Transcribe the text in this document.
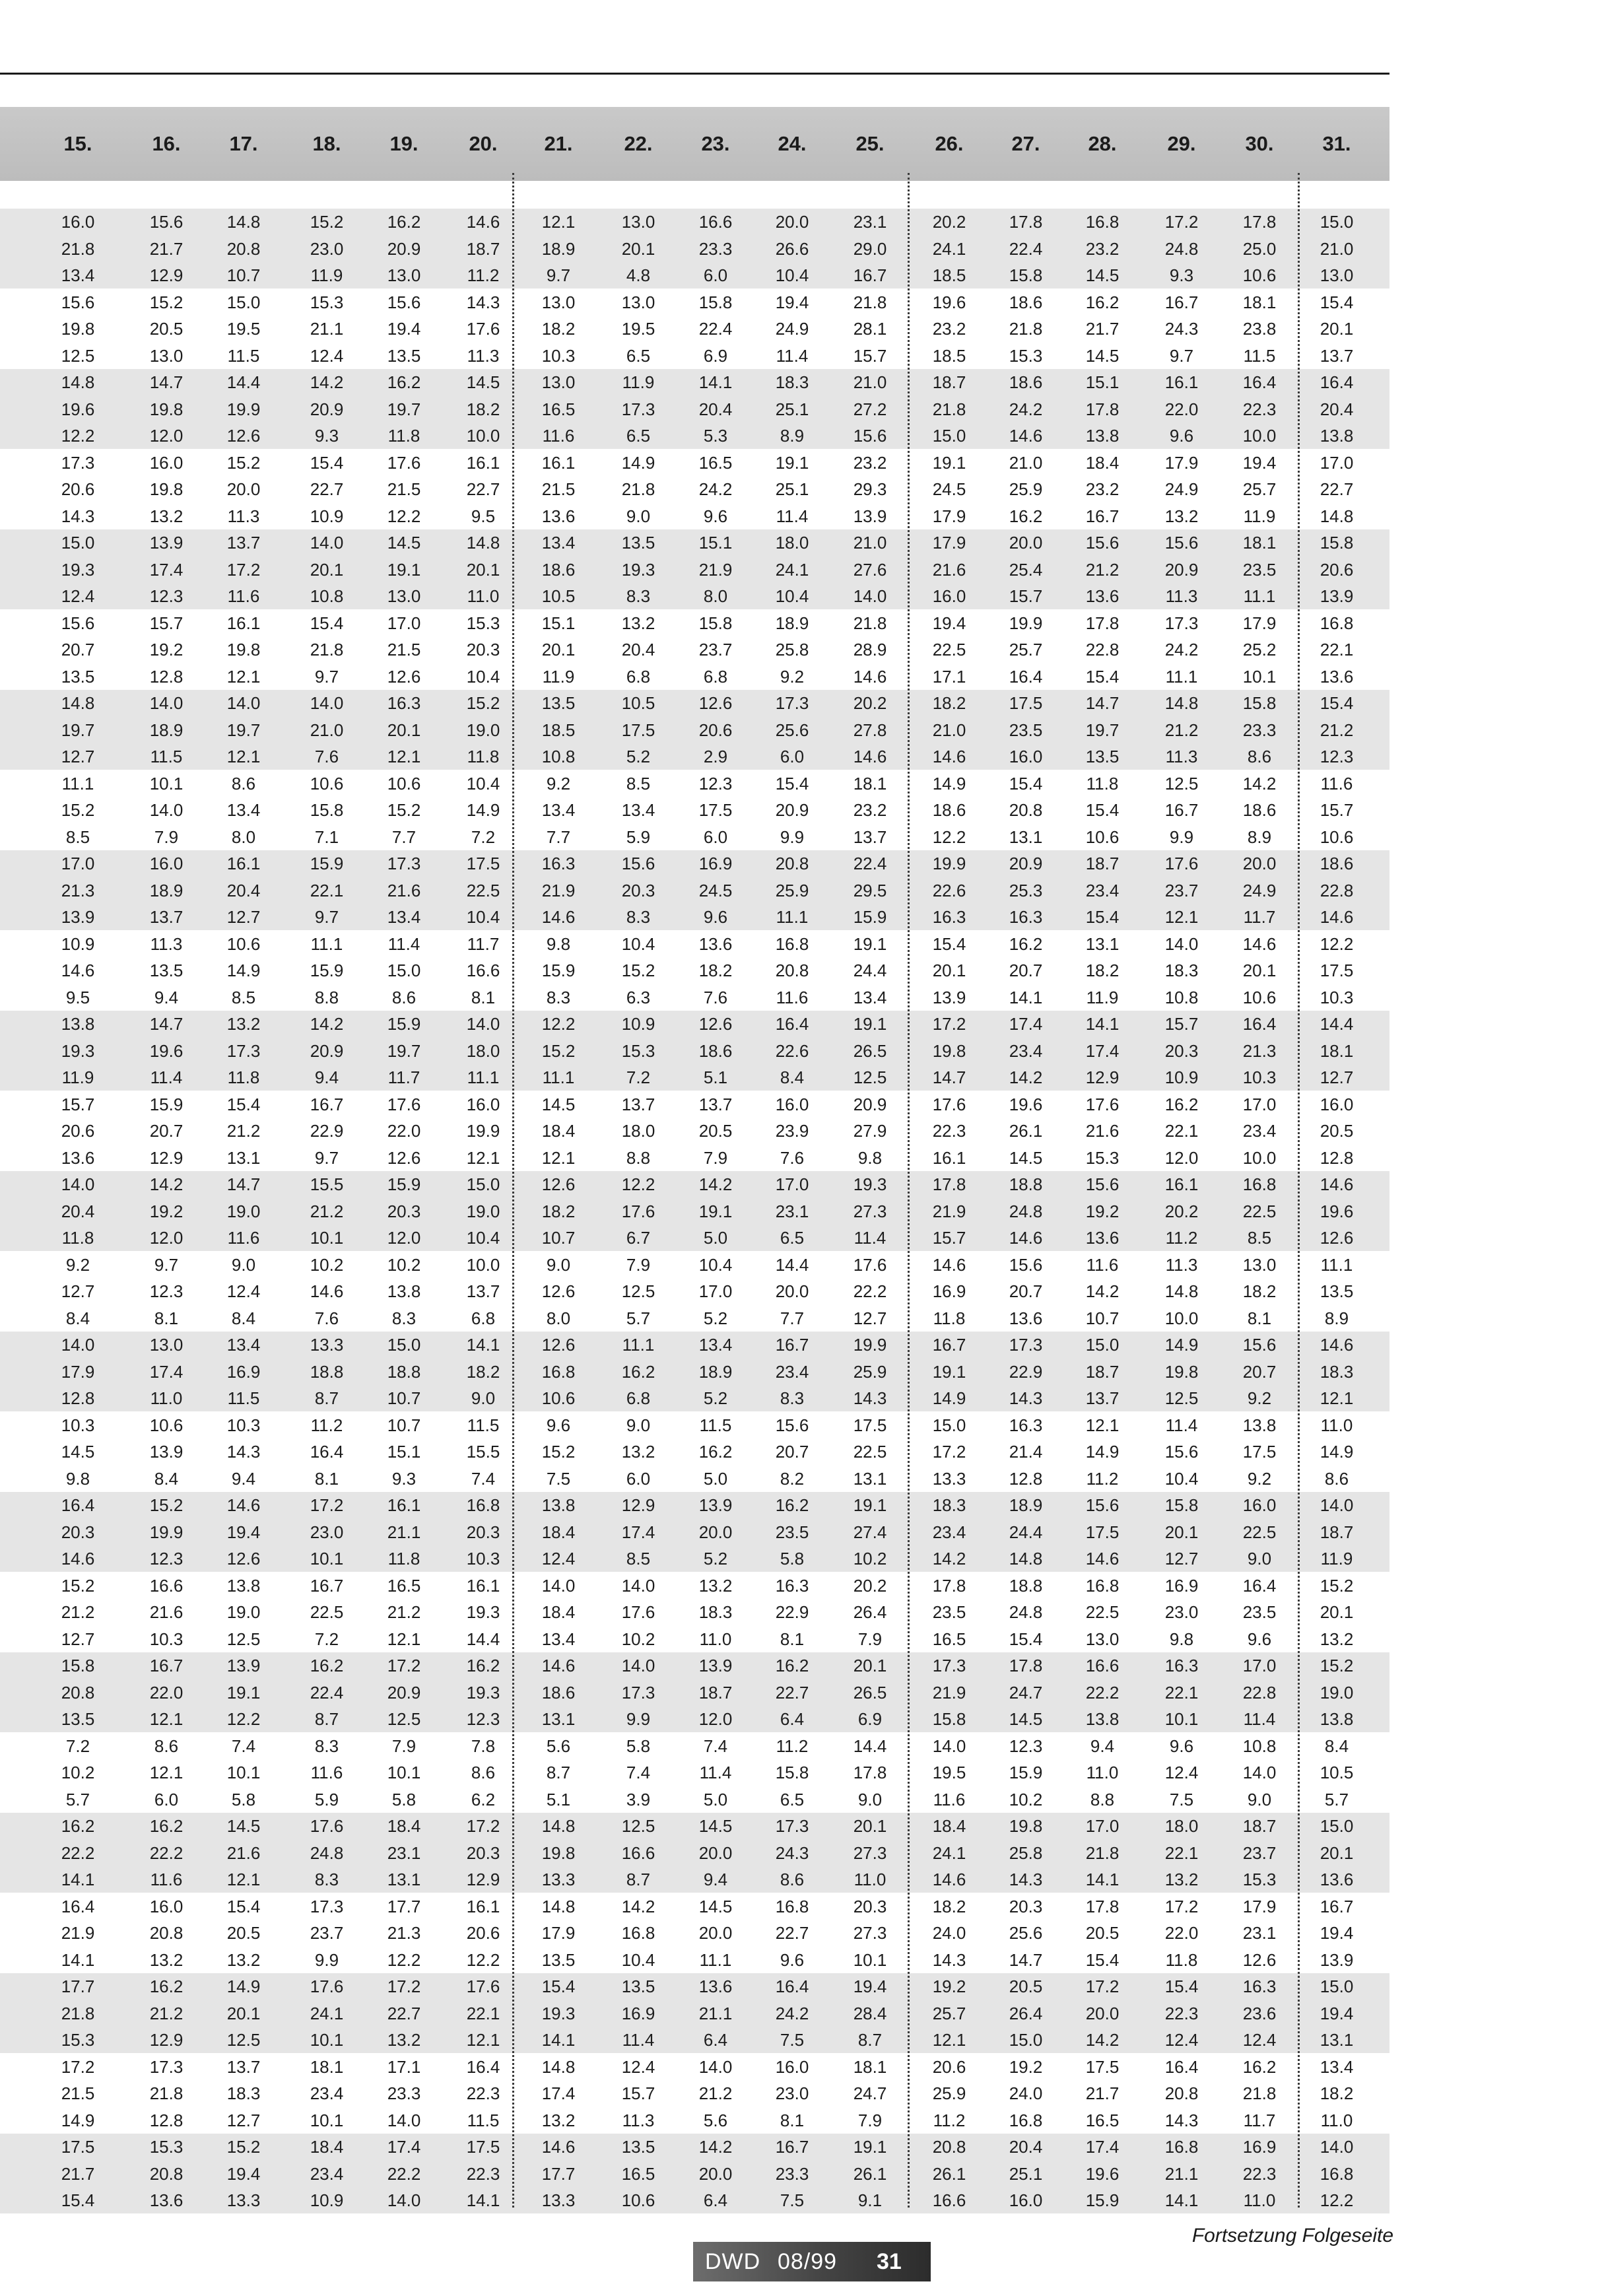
15.	16.	17.	18.	19.	20.	21.	22.	23.	24.	25.	26.	27.	28.	29.	30.	31.
16.0	15.6	14.8	15.2	16.2	14.6	12.1	13.0	16.6	20.0	23.1	20.2	17.8	16.8	17.2	17.8	15.0
21.8	21.7	20.8	23.0	20.9	18.7	18.9	20.1	23.3	26.6	29.0	24.1	22.4	23.2	24.8	25.0	21.0
13.4	12.9	10.7	11.9	13.0	11.2	9.7	4.8	6.0	10.4	16.7	18.5	15.8	14.5	9.3	10.6	13.0
15.6	15.2	15.0	15.3	15.6	14.3	13.0	13.0	15.8	19.4	21.8	19.6	18.6	16.2	16.7	18.1	15.4
19.8	20.5	19.5	21.1	19.4	17.6	18.2	19.5	22.4	24.9	28.1	23.2	21.8	21.7	24.3	23.8	20.1
12.5	13.0	11.5	12.4	13.5	11.3	10.3	6.5	6.9	11.4	15.7	18.5	15.3	14.5	9.7	11.5	13.7
14.8	14.7	14.4	14.2	16.2	14.5	13.0	11.9	14.1	18.3	21.0	18.7	18.6	15.1	16.1	16.4	16.4
19.6	19.8	19.9	20.9	19.7	18.2	16.5	17.3	20.4	25.1	27.2	21.8	24.2	17.8	22.0	22.3	20.4
12.2	12.0	12.6	9.3	11.8	10.0	11.6	6.5	5.3	8.9	15.6	15.0	14.6	13.8	9.6	10.0	13.8
17.3	16.0	15.2	15.4	17.6	16.1	16.1	14.9	16.5	19.1	23.2	19.1	21.0	18.4	17.9	19.4	17.0
20.6	19.8	20.0	22.7	21.5	22.7	21.5	21.8	24.2	25.1	29.3	24.5	25.9	23.2	24.9	25.7	22.7
14.3	13.2	11.3	10.9	12.2	9.5	13.6	9.0	9.6	11.4	13.9	17.9	16.2	16.7	13.2	11.9	14.8
15.0	13.9	13.7	14.0	14.5	14.8	13.4	13.5	15.1	18.0	21.0	17.9	20.0	15.6	15.6	18.1	15.8
19.3	17.4	17.2	20.1	19.1	20.1	18.6	19.3	21.9	24.1	27.6	21.6	25.4	21.2	20.9	23.5	20.6
12.4	12.3	11.6	10.8	13.0	11.0	10.5	8.3	8.0	10.4	14.0	16.0	15.7	13.6	11.3	11.1	13.9
15.6	15.7	16.1	15.4	17.0	15.3	15.1	13.2	15.8	18.9	21.8	19.4	19.9	17.8	17.3	17.9	16.8
20.7	19.2	19.8	21.8	21.5	20.3	20.1	20.4	23.7	25.8	28.9	22.5	25.7	22.8	24.2	25.2	22.1
13.5	12.8	12.1	9.7	12.6	10.4	11.9	6.8	6.8	9.2	14.6	17.1	16.4	15.4	11.1	10.1	13.6
14.8	14.0	14.0	14.0	16.3	15.2	13.5	10.5	12.6	17.3	20.2	18.2	17.5	14.7	14.8	15.8	15.4
19.7	18.9	19.7	21.0	20.1	19.0	18.5	17.5	20.6	25.6	27.8	21.0	23.5	19.7	21.2	23.3	21.2
12.7	11.5	12.1	7.6	12.1	11.8	10.8	5.2	2.9	6.0	14.6	14.6	16.0	13.5	11.3	8.6	12.3
11.1	10.1	8.6	10.6	10.6	10.4	9.2	8.5	12.3	15.4	18.1	14.9	15.4	11.8	12.5	14.2	11.6
15.2	14.0	13.4	15.8	15.2	14.9	13.4	13.4	17.5	20.9	23.2	18.6	20.8	15.4	16.7	18.6	15.7
8.5	7.9	8.0	7.1	7.7	7.2	7.7	5.9	6.0	9.9	13.7	12.2	13.1	10.6	9.9	8.9	10.6
17.0	16.0	16.1	15.9	17.3	17.5	16.3	15.6	16.9	20.8	22.4	19.9	20.9	18.7	17.6	20.0	18.6
21.3	18.9	20.4	22.1	21.6	22.5	21.9	20.3	24.5	25.9	29.5	22.6	25.3	23.4	23.7	24.9	22.8
13.9	13.7	12.7	9.7	13.4	10.4	14.6	8.3	9.6	11.1	15.9	16.3	16.3	15.4	12.1	11.7	14.6
10.9	11.3	10.6	11.1	11.4	11.7	9.8	10.4	13.6	16.8	19.1	15.4	16.2	13.1	14.0	14.6	12.2
14.6	13.5	14.9	15.9	15.0	16.6	15.9	15.2	18.2	20.8	24.4	20.1	20.7	18.2	18.3	20.1	17.5
9.5	9.4	8.5	8.8	8.6	8.1	8.3	6.3	7.6	11.6	13.4	13.9	14.1	11.9	10.8	10.6	10.3
13.8	14.7	13.2	14.2	15.9	14.0	12.2	10.9	12.6	16.4	19.1	17.2	17.4	14.1	15.7	16.4	14.4
19.3	19.6	17.3	20.9	19.7	18.0	15.2	15.3	18.6	22.6	26.5	19.8	23.4	17.4	20.3	21.3	18.1
11.9	11.4	11.8	9.4	11.7	11.1	11.1	7.2	5.1	8.4	12.5	14.7	14.2	12.9	10.9	10.3	12.7
15.7	15.9	15.4	16.7	17.6	16.0	14.5	13.7	13.7	16.0	20.9	17.6	19.6	17.6	16.2	17.0	16.0
20.6	20.7	21.2	22.9	22.0	19.9	18.4	18.0	20.5	23.9	27.9	22.3	26.1	21.6	22.1	23.4	20.5
13.6	12.9	13.1	9.7	12.6	12.1	12.1	8.8	7.9	7.6	9.8	16.1	14.5	15.3	12.0	10.0	12.8
14.0	14.2	14.7	15.5	15.9	15.0	12.6	12.2	14.2	17.0	19.3	17.8	18.8	15.6	16.1	16.8	14.6
20.4	19.2	19.0	21.2	20.3	19.0	18.2	17.6	19.1	23.1	27.3	21.9	24.8	19.2	20.2	22.5	19.6
11.8	12.0	11.6	10.1	12.0	10.4	10.7	6.7	5.0	6.5	11.4	15.7	14.6	13.6	11.2	8.5	12.6
9.2	9.7	9.0	10.2	10.2	10.0	9.0	7.9	10.4	14.4	17.6	14.6	15.6	11.6	11.3	13.0	11.1
12.7	12.3	12.4	14.6	13.8	13.7	12.6	12.5	17.0	20.0	22.2	16.9	20.7	14.2	14.8	18.2	13.5
8.4	8.1	8.4	7.6	8.3	6.8	8.0	5.7	5.2	7.7	12.7	11.8	13.6	10.7	10.0	8.1	8.9
14.0	13.0	13.4	13.3	15.0	14.1	12.6	11.1	13.4	16.7	19.9	16.7	17.3	15.0	14.9	15.6	14.6
17.9	17.4	16.9	18.8	18.8	18.2	16.8	16.2	18.9	23.4	25.9	19.1	22.9	18.7	19.8	20.7	18.3
12.8	11.0	11.5	8.7	10.7	9.0	10.6	6.8	5.2	8.3	14.3	14.9	14.3	13.7	12.5	9.2	12.1
10.3	10.6	10.3	11.2	10.7	11.5	9.6	9.0	11.5	15.6	17.5	15.0	16.3	12.1	11.4	13.8	11.0
14.5	13.9	14.3	16.4	15.1	15.5	15.2	13.2	16.2	20.7	22.5	17.2	21.4	14.9	15.6	17.5	14.9
9.8	8.4	9.4	8.1	9.3	7.4	7.5	6.0	5.0	8.2	13.1	13.3	12.8	11.2	10.4	9.2	8.6
16.4	15.2	14.6	17.2	16.1	16.8	13.8	12.9	13.9	16.2	19.1	18.3	18.9	15.6	15.8	16.0	14.0
20.3	19.9	19.4	23.0	21.1	20.3	18.4	17.4	20.0	23.5	27.4	23.4	24.4	17.5	20.1	22.5	18.7
14.6	12.3	12.6	10.1	11.8	10.3	12.4	8.5	5.2	5.8	10.2	14.2	14.8	14.6	12.7	9.0	11.9
15.2	16.6	13.8	16.7	16.5	16.1	14.0	14.0	13.2	16.3	20.2	17.8	18.8	16.8	16.9	16.4	15.2
21.2	21.6	19.0	22.5	21.2	19.3	18.4	17.6	18.3	22.9	26.4	23.5	24.8	22.5	23.0	23.5	20.1
12.7	10.3	12.5	7.2	12.1	14.4	13.4	10.2	11.0	8.1	7.9	16.5	15.4	13.0	9.8	9.6	13.2
15.8	16.7	13.9	16.2	17.2	16.2	14.6	14.0	13.9	16.2	20.1	17.3	17.8	16.6	16.3	17.0	15.2
20.8	22.0	19.1	22.4	20.9	19.3	18.6	17.3	18.7	22.7	26.5	21.9	24.7	22.2	22.1	22.8	19.0
13.5	12.1	12.2	8.7	12.5	12.3	13.1	9.9	12.0	6.4	6.9	15.8	14.5	13.8	10.1	11.4	13.8
7.2	8.6	7.4	8.3	7.9	7.8	5.6	5.8	7.4	11.2	14.4	14.0	12.3	9.4	9.6	10.8	8.4
10.2	12.1	10.1	11.6	10.1	8.6	8.7	7.4	11.4	15.8	17.8	19.5	15.9	11.0	12.4	14.0	10.5
5.7	6.0	5.8	5.9	5.8	6.2	5.1	3.9	5.0	6.5	9.0	11.6	10.2	8.8	7.5	9.0	5.7
16.2	16.2	14.5	17.6	18.4	17.2	14.8	12.5	14.5	17.3	20.1	18.4	19.8	17.0	18.0	18.7	15.0
22.2	22.2	21.6	24.8	23.1	20.3	19.8	16.6	20.0	24.3	27.3	24.1	25.8	21.8	22.1	23.7	20.1
14.1	11.6	12.1	8.3	13.1	12.9	13.3	8.7	9.4	8.6	11.0	14.6	14.3	14.1	13.2	15.3	13.6
16.4	16.0	15.4	17.3	17.7	16.1	14.8	14.2	14.5	16.8	20.3	18.2	20.3	17.8	17.2	17.9	16.7
21.9	20.8	20.5	23.7	21.3	20.6	17.9	16.8	20.0	22.7	27.3	24.0	25.6	20.5	22.0	23.1	19.4
14.1	13.2	13.2	9.9	12.2	12.2	13.5	10.4	11.1	9.6	10.1	14.3	14.7	15.4	11.8	12.6	13.9
17.7	16.2	14.9	17.6	17.2	17.6	15.4	13.5	13.6	16.4	19.4	19.2	20.5	17.2	15.4	16.3	15.0
21.8	21.2	20.1	24.1	22.7	22.1	19.3	16.9	21.1	24.2	28.4	25.7	26.4	20.0	22.3	23.6	19.4
15.3	12.9	12.5	10.1	13.2	12.1	14.1	11.4	6.4	7.5	8.7	12.1	15.0	14.2	12.4	12.4	13.1
17.2	17.3	13.7	18.1	17.1	16.4	14.8	12.4	14.0	16.0	18.1	20.6	19.2	17.5	16.4	16.2	13.4
21.5	21.8	18.3	23.4	23.3	22.3	17.4	15.7	21.2	23.0	24.7	25.9	24.0	21.7	20.8	21.8	18.2
14.9	12.8	12.7	10.1	14.0	11.5	13.2	11.3	5.6	8.1	7.9	11.2	16.8	16.5	14.3	11.7	11.0
17.5	15.3	15.2	18.4	17.4	17.5	14.6	13.5	14.2	16.7	19.1	20.8	20.4	17.4	16.8	16.9	14.0
21.7	20.8	19.4	23.4	22.2	22.3	17.7	16.5	20.0	23.3	26.1	26.1	25.1	19.6	21.1	22.3	16.8
15.4	13.6	13.3	10.9	14.0	14.1	13.3	10.6	6.4	7.5	9.1	16.6	16.0	15.9	14.1	11.0	12.2
Fortsetzung Folgeseite
DWD 08/99 31
